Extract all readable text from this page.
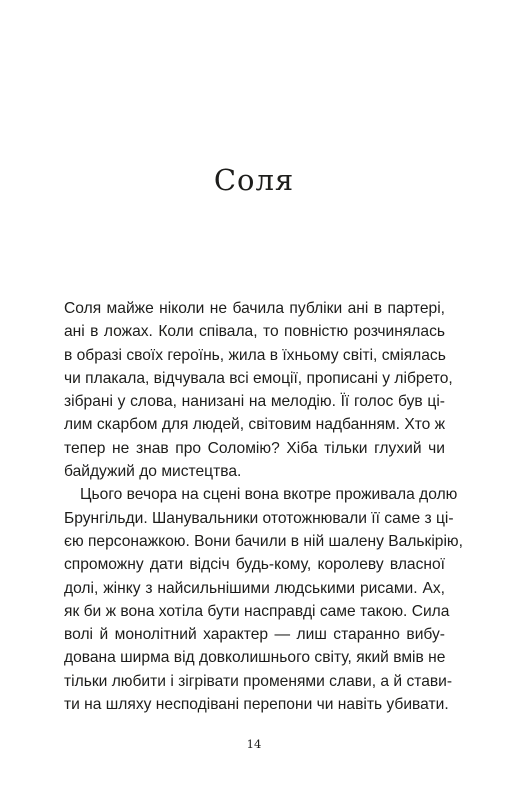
Соля

Соля майже ніколи не бачила публіки ані в партері,
ані в ложах. Коли співала, то повністю розчинялась
в образі своїх героїнь, жила в їхньому світі, сміялась
чи плакала, відчувала всі емоції, прописані у лібрето,
зібрані у слова, нанизані на мелодію. Її голос був ці-
лим скарбом для людей, світовим надбанням. Хто ж
тепер не знав про Соломію? Хіба тільки глухий чи
байдужий до мистецтва.

Цього вечора на сцені вона вкотре проживала долю
Брунгільди. Шанувальники ототожнювали її саме з ці-
єю персонажкою. Вони бачили в ній шалену Валькірію,
спроможну дати відсіч будь-кому, королеву власної
долі, жінку з найсильнішими людськими рисами. Ах,
як би ж вона хотіла бути насправді саме такою. Сила
волі й монолітний характер — лиш старанно вибу-
дована ширма від довколишнього світу, який вмів не
тільки любити і зігрівати променями слави, а й стави-
ти на шляху несподівані перепони чи навіть убивати.

14
